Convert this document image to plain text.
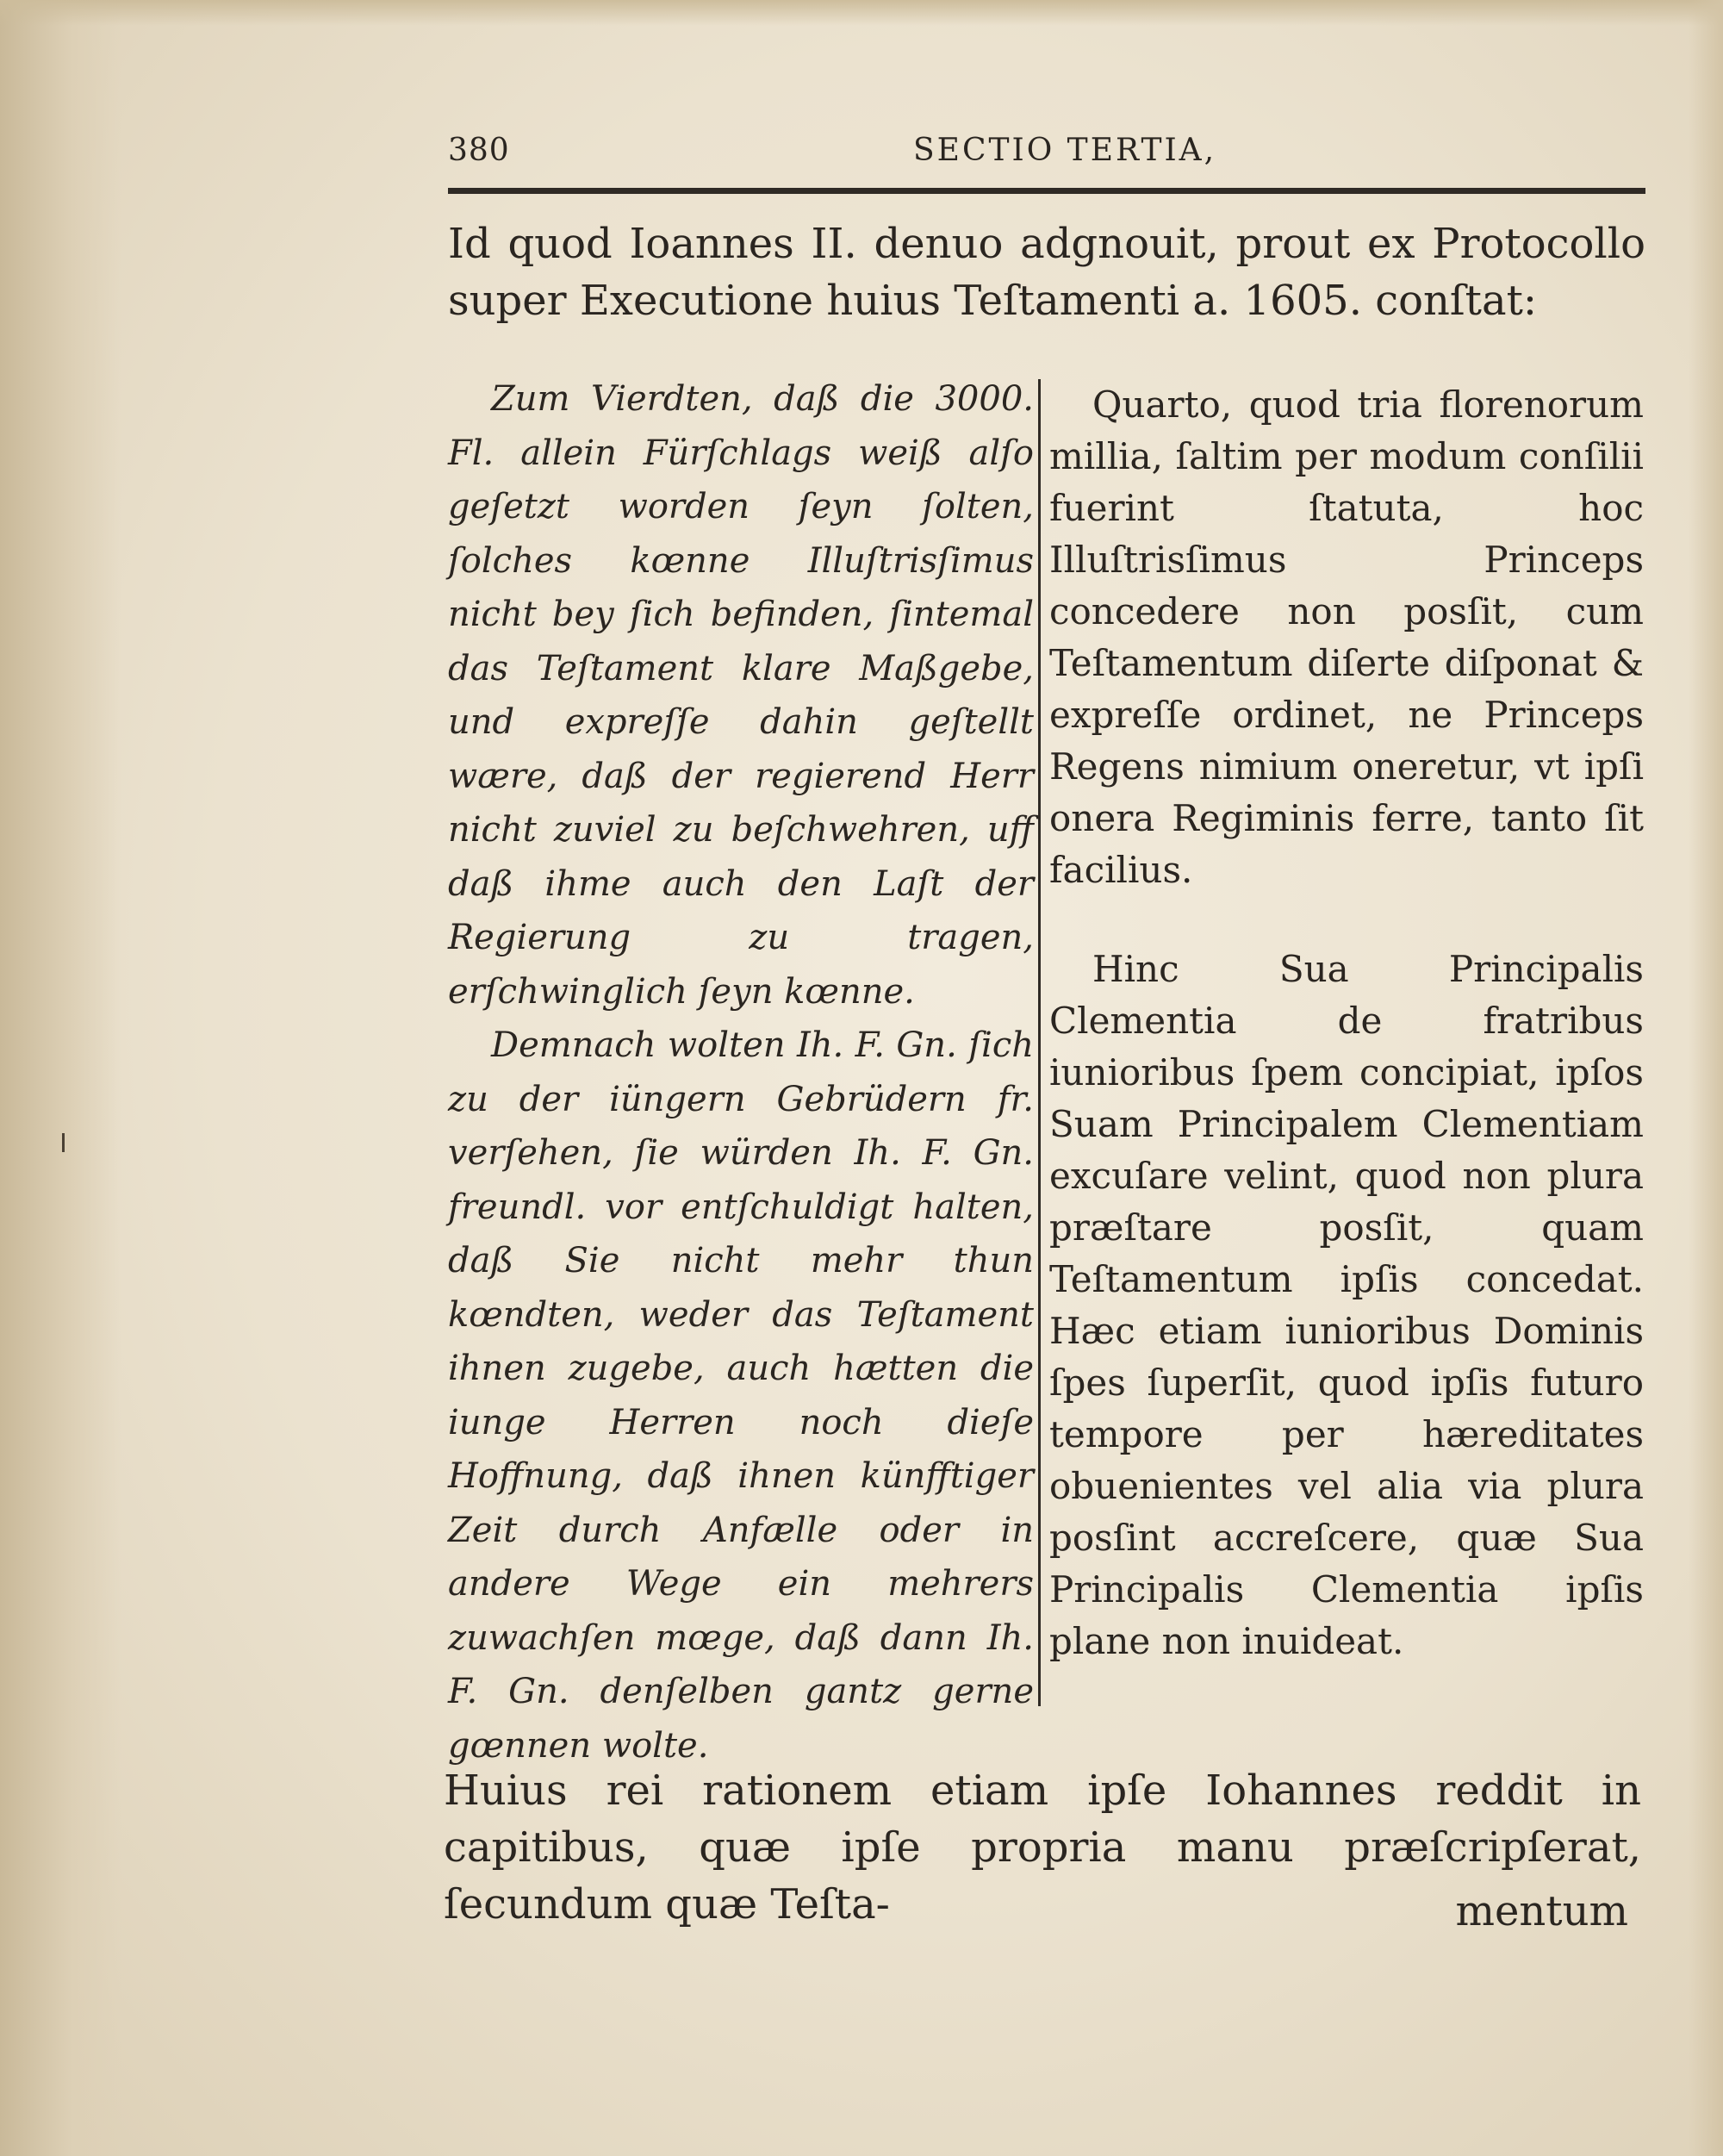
380	SECTIO TERTIA,

Id quod Ioannes II. denuo adgnouit, prout ex Protocollo super Executione huius Teſtamenti a. 1605. conſtat:

Zum Vierdten, daß die 3000. Fl. allein Fürſchlags weiß alſo geſetzt worden ſeyn ſolten, ſolches kœnne Illuſtrisſimus nicht bey ſich befinden, ſintemal das Teſtament klare Maßgebe, und expreſſe dahin geſtellt wære, daß der regierend Herr nicht zuviel zu beſchwehren, uff daß ihme auch den Laſt der Regierung zu tragen, erſchwinglich ſeyn kœnne.

Demnach wolten Ih. F. Gn. ſich zu der iüngern Gebrüdern fr. verſehen, ſie würden Ih. F. Gn. freundl. vor entſchuldigt halten, daß Sie nicht mehr thun kœndten, weder das Teſtament ihnen zugebe, auch hætten die iunge Herren noch dieſe Hoffnung, daß ihnen künfftiger Zeit durch Anfælle oder in andere Wege ein mehrers zuwachſen mœge, daß dann Ih. F. Gn. denſelben gantz gerne gœnnen wolte.

Quarto, quod tria florenorum millia, ſaltim per modum conſilii fuerint ſtatuta, hoc Illuſtrisſimus Princeps concedere non posſit, cum Teſtamentum diſerte diſponat & expreſſe ordinet, ne Princeps Regens nimium oneretur, vt ipſi onera Regiminis ferre, tanto ſit facilius.

Hinc Sua Principalis Clementia de fratribus iunioribus ſpem concipiat, ipſos Suam Principalem Clementiam excuſare velint, quod non plura præſtare posſit, quam Teſtamentum ipſis concedat. Hæc etiam iunioribus Dominis ſpes ſuperſit, quod ipſis futuro tempore per hæreditates obuenientes vel alia via plura posſint accreſcere, quæ Sua Principalis Clementia ipſis plane non inuideat.

Huius rei rationem etiam ipſe Iohannes reddit in capitibus, quæ ipſe propria manu præſcripſerat, ſecundum quæ Teſta-	mentum
